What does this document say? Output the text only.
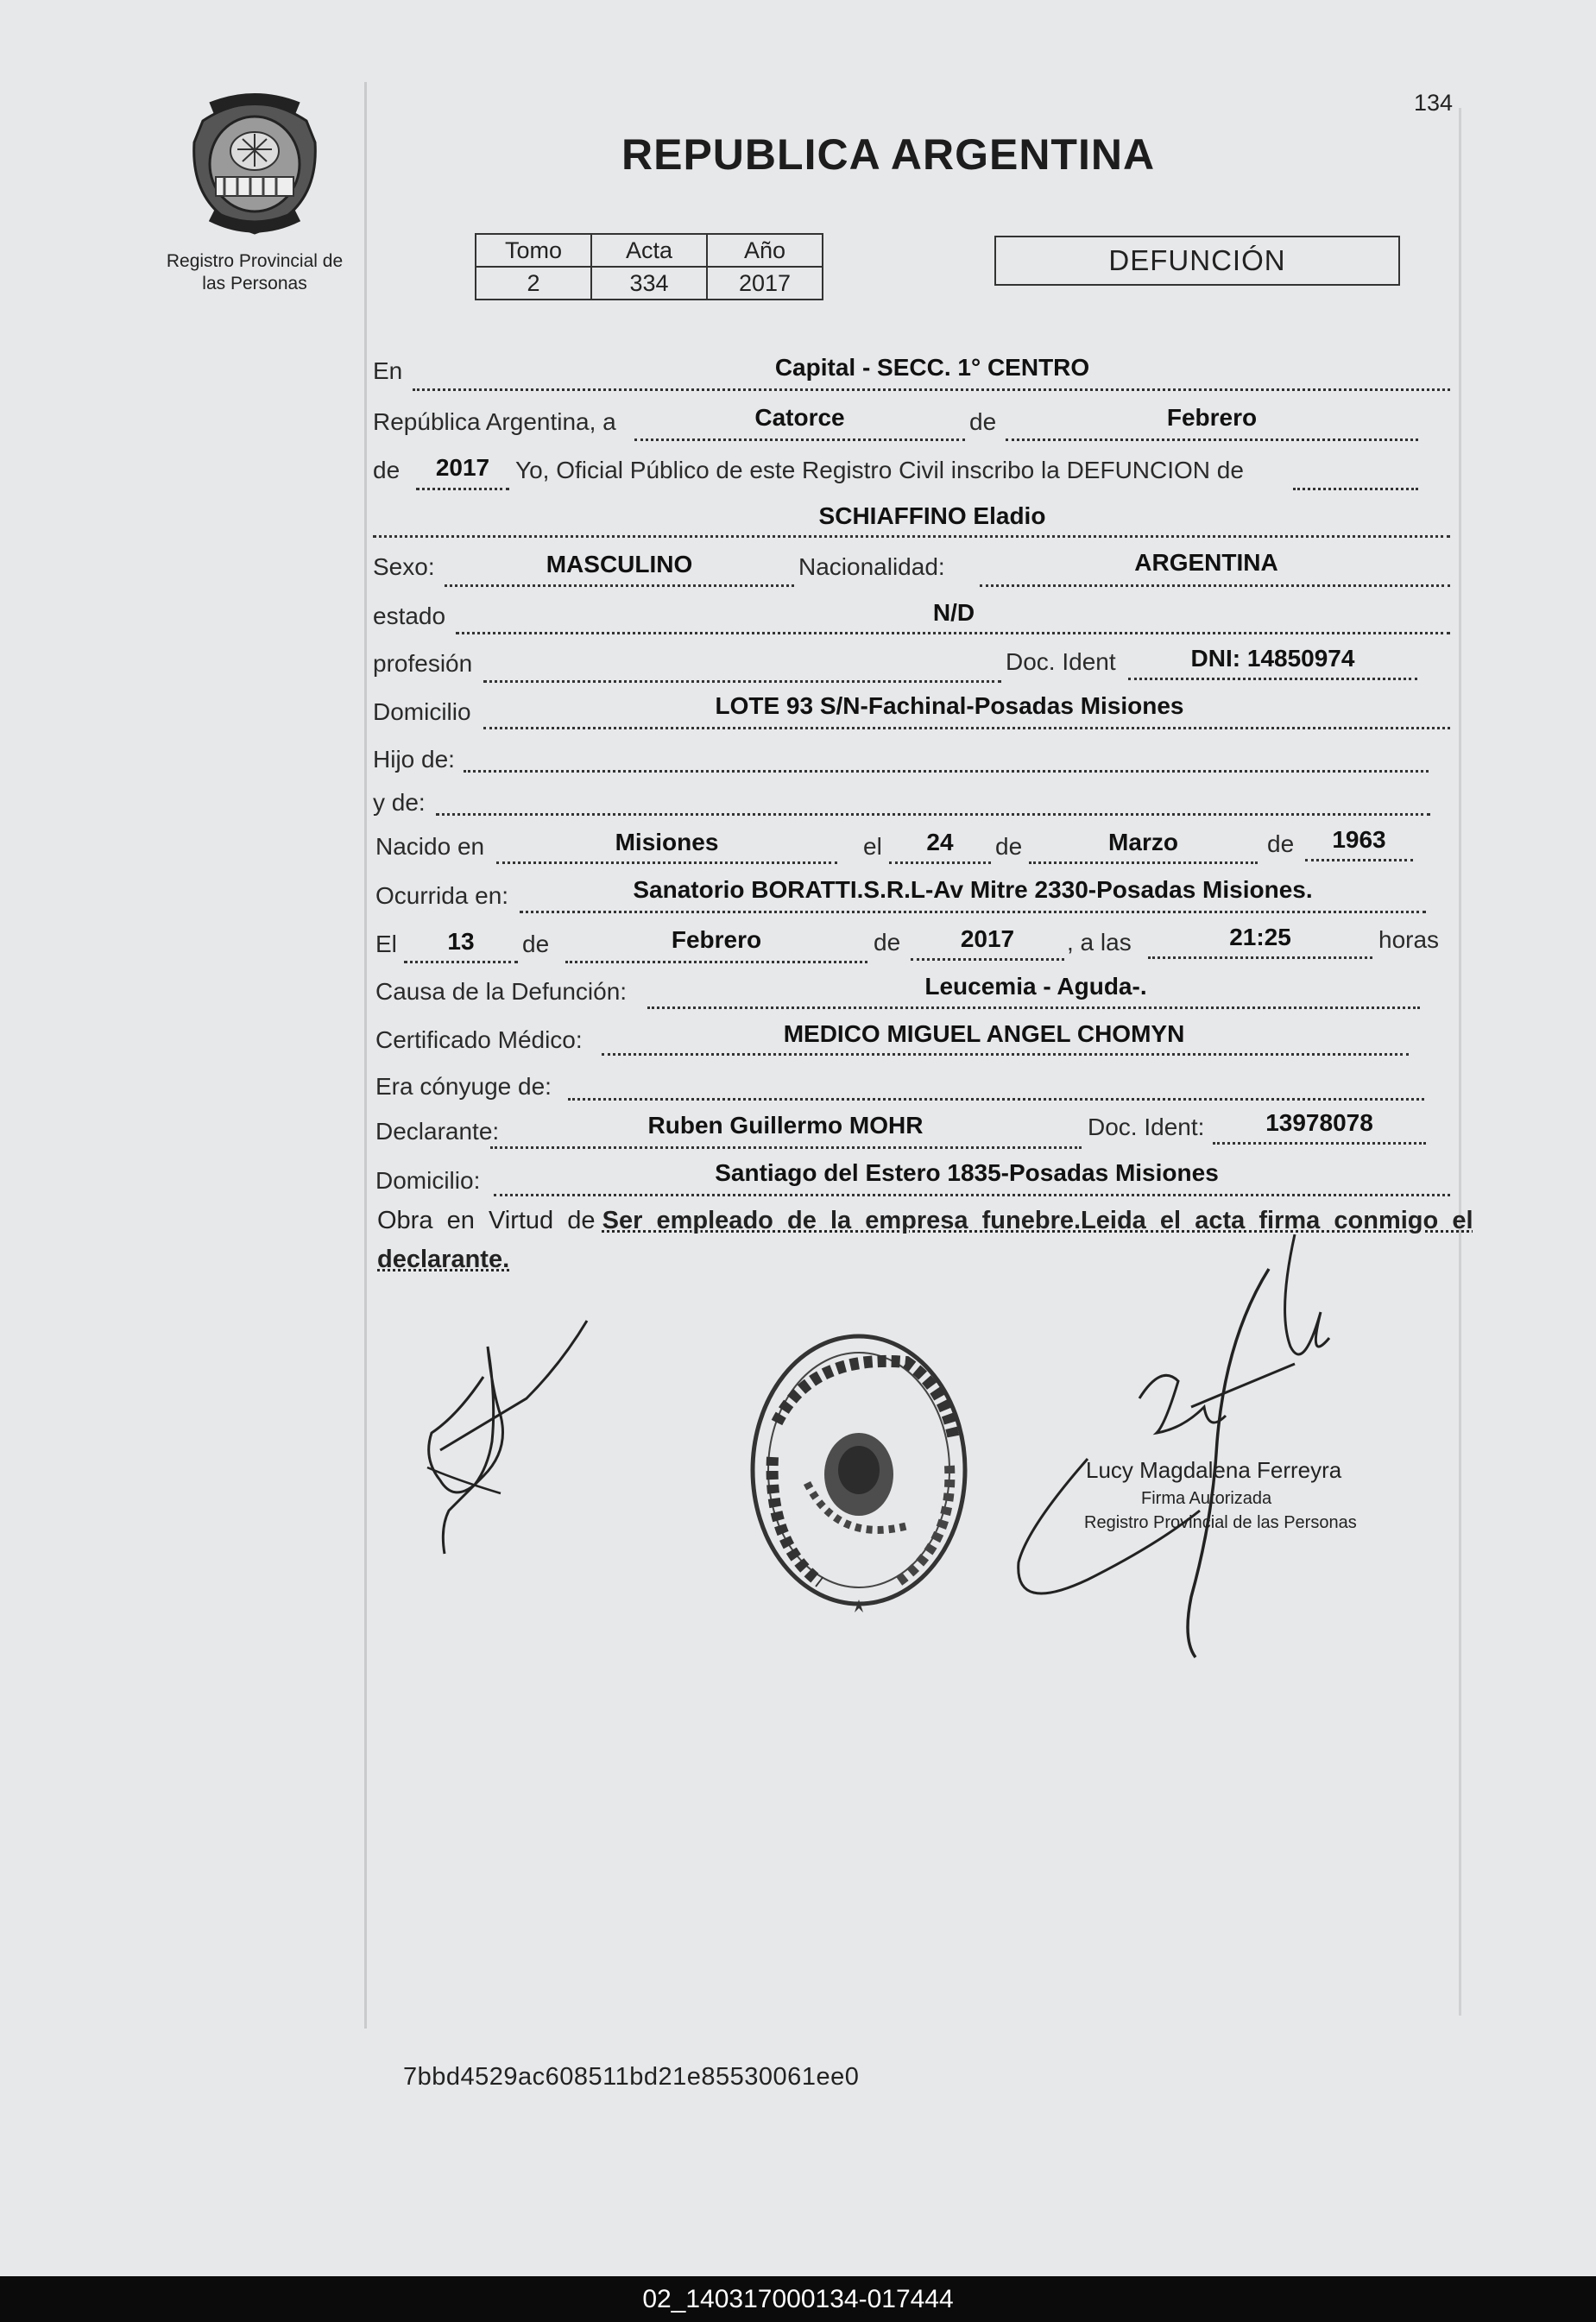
134
Registro Provincial de
las Personas
REPUBLICA ARGENTINA
Tomo	Acta	Año
2	334	2017
DEFUNCIÓN
En	Capital - SECC. 1° CENTRO
República Argentina, a	Catorce	de	Febrero
de	2017	Yo, Oficial Público de este Registro Civil inscribo la DEFUNCION de
SCHIAFFINO Eladio
Sexo:	MASCULINO	Nacionalidad:	ARGENTINA
estado	N/D
profesión	Doc. Ident	DNI: 14850974
Domicilio	LOTE 93 S/N-Fachinal-Posadas Misiones
Hijo de:
y de:
Nacido en	Misiones	el	24	de	Marzo	de	1963
Ocurrida en:	Sanatorio BORATTI.S.R.L-Av Mitre 2330-Posadas Misiones.
El	13	de	Febrero	de	2017	, a las	21:25	horas
Causa de la Defunción:	Leucemia - Aguda-.
Certificado Médico:	MEDICO MIGUEL ANGEL CHOMYN
Era cónyuge de:
Declarante:	Ruben Guillermo MOHR	Doc. Ident:	13978078
Domicilio:	Santiago del Estero 1835-Posadas Misiones
Obra  en  Virtud  de Ser  empleado  de  la  empresa  funebre.Leida  el  acta  firma  conmigo  el
declarante.
Lucy Magdalena Ferreyra
Firma Autorizada
Registro Provincial de las Personas
7bbd4529ac608511bd21e85530061ee0
02_140317000134-017444
